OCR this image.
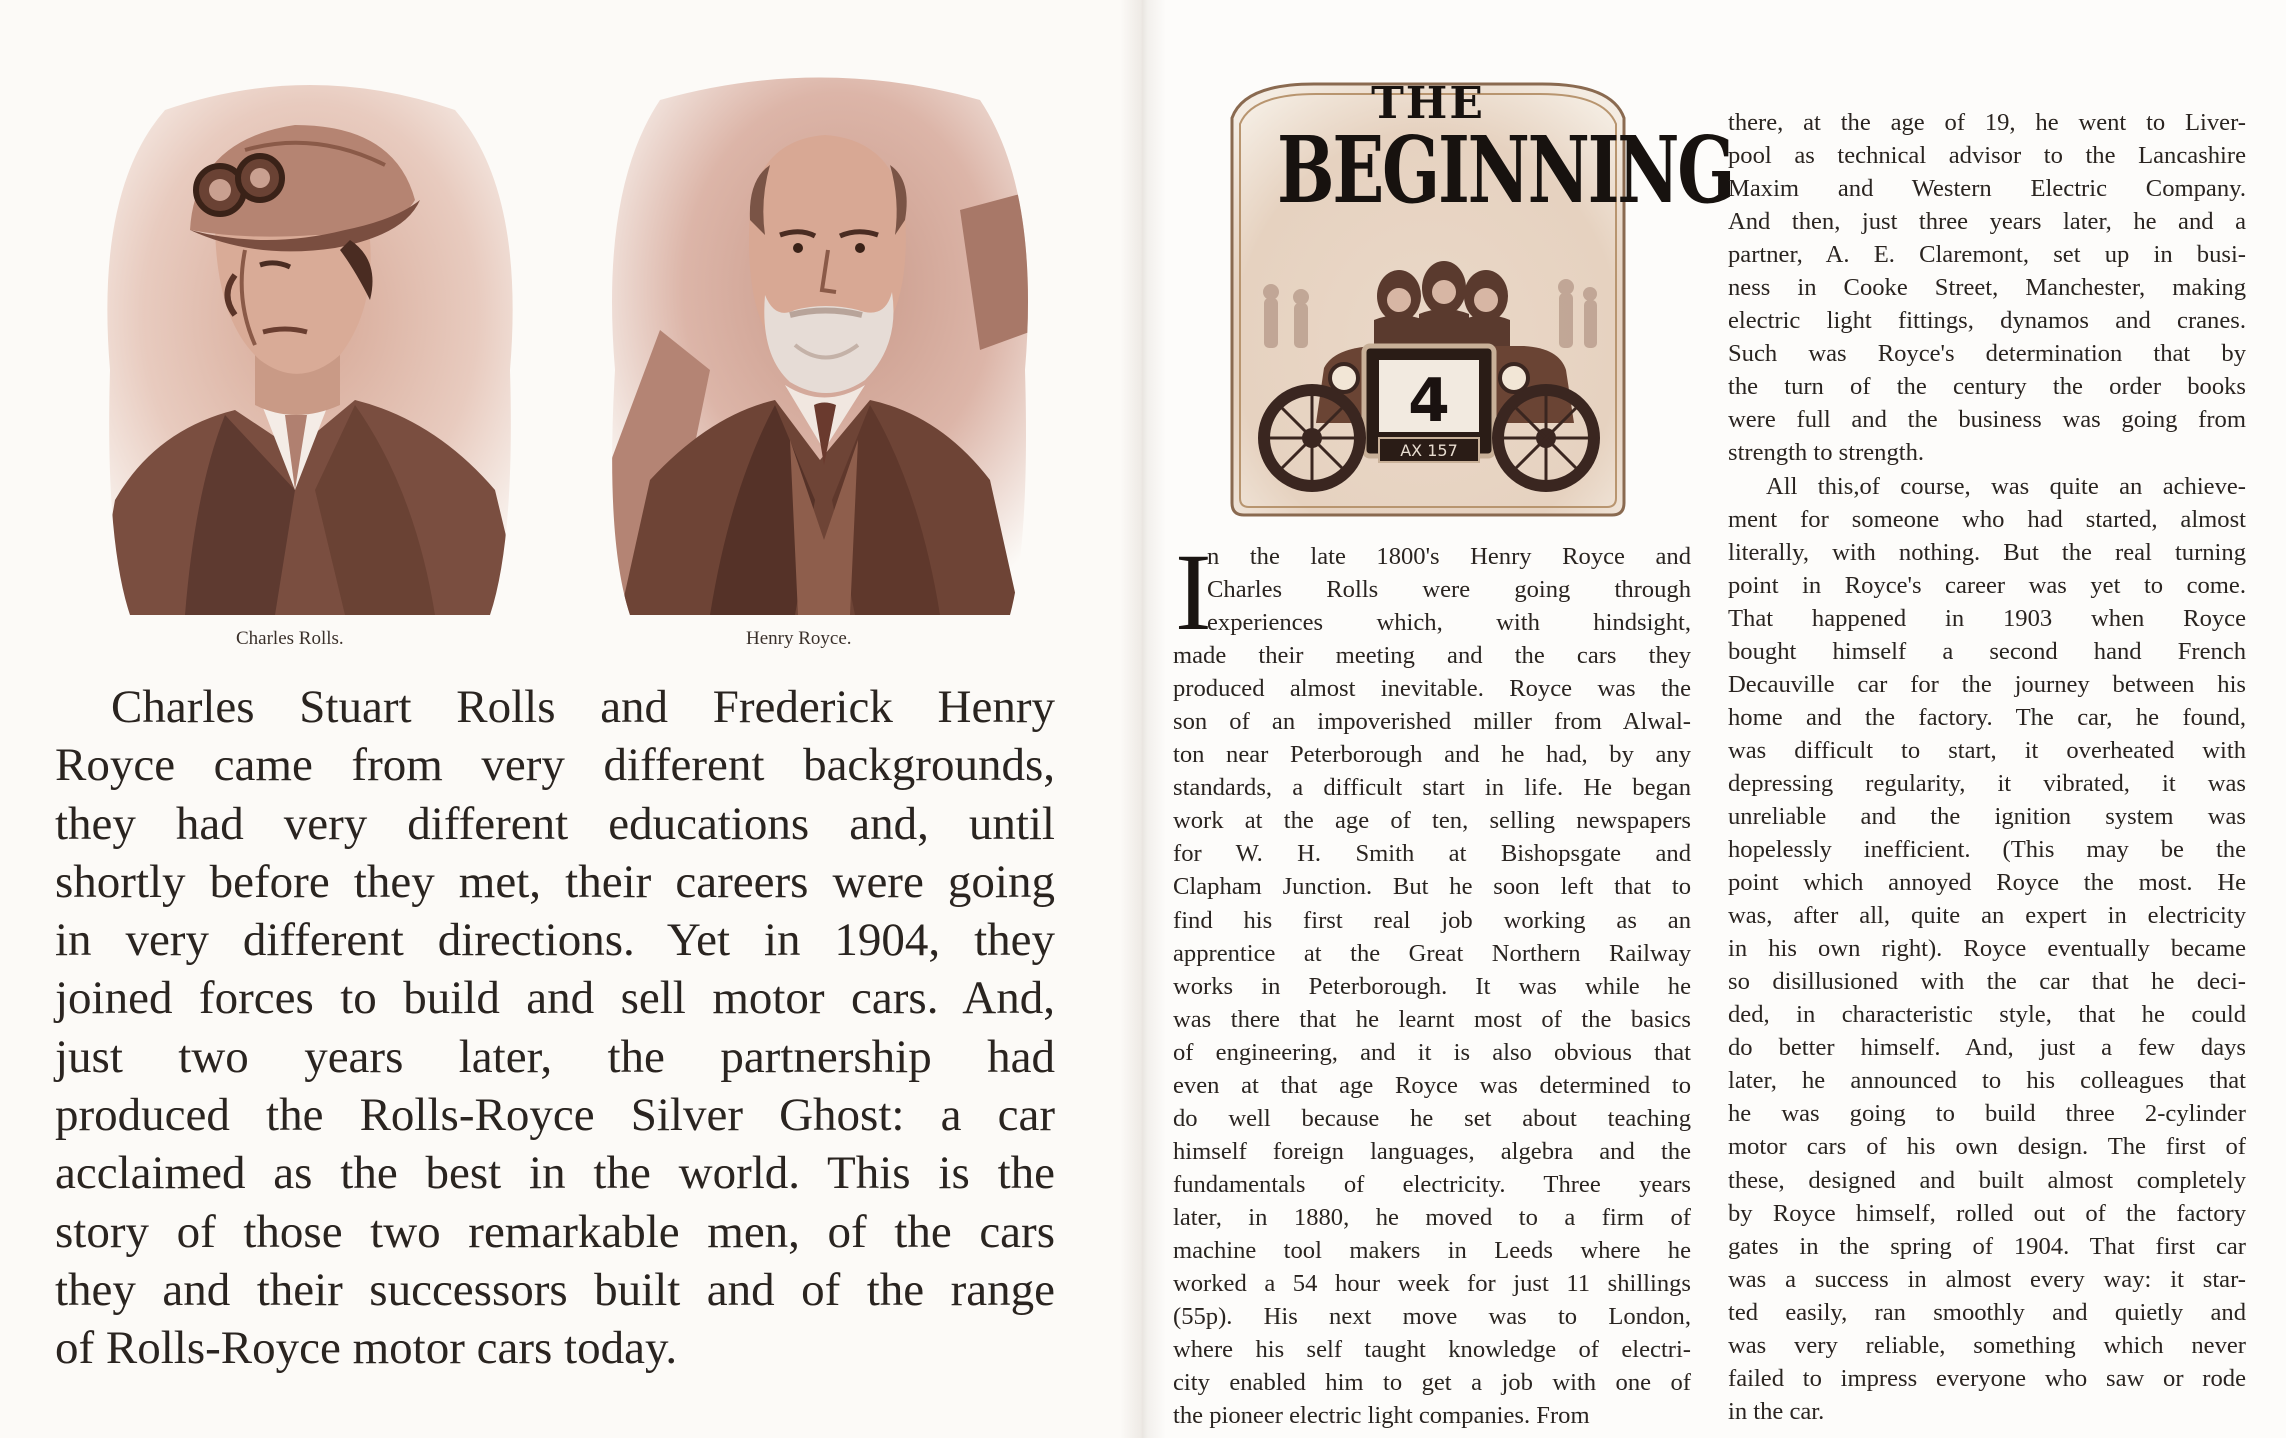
Charles Rolls.	Henry Royce.
Charles Stuart Rolls and Frederick Henry
Royce came from very different backgrounds,
they had very different educations and, until
shortly before they met, their careers were going
in very different directions. Yet in 1904, they
joined forces to build and sell motor cars. And,
just two years later, the partnership had
produced the Rolls-Royce Silver Ghost: a car
acclaimed as the best in the world. This is the
story of those two remarkable men, of the cars
they and their successors built and of the range
of Rolls-Royce motor cars today.
4
AX 157
THE
BEGINNING
I
n the late 1800's Henry Royce and
Charles Rolls were going through
experiences which, with hindsight,
made their meeting and the cars they
produced almost inevitable. Royce was the
son of an impoverished miller from Alwal-
ton near Peterborough and he had, by any
standards, a difficult start in life. He began
work at the age of ten, selling newspapers
for W. H. Smith at Bishopsgate and
Clapham Junction. But he soon left that to
find his first real job working as an
apprentice at the Great Northern Railway
works in Peterborough. It was while he
was there that he learnt most of the basics
of engineering, and it is also obvious that
even at that age Royce was determined to
do well because he set about teaching
himself foreign languages, algebra and the
fundamentals of electricity. Three years
later, in 1880, he moved to a firm of
machine tool makers in Leeds where he
worked a 54 hour week for just 11 shillings
(55p). His next move was to London,
where his self taught knowledge of electri-
city enabled him to get a job with one of
the pioneer electric light companies. From
there, at the age of 19, he went to Liver-
pool as technical advisor to the Lancashire
Maxim and Western Electric Company.
And then, just three years later, he and a
partner, A. E. Claremont, set up in busi-
ness in Cooke Street, Manchester, making
electric light fittings, dynamos and cranes.
Such was Royce's determination that by
the turn of the century the order books
were full and the business was going from
strength to strength.
All this,of course, was quite an achieve-
ment for someone who had started, almost
literally, with nothing. But the real turning
point in Royce's career was yet to come.
That happened in 1903 when Royce
bought himself a second hand French
Decauville car for the journey between his
home and the factory. The car, he found,
was difficult to start, it overheated with
depressing regularity, it vibrated, it was
unreliable and the ignition system was
hopelessly inefficient. (This may be the
point which annoyed Royce the most. He
was, after all, quite an expert in electricity
in his own right). Royce eventually became
so disillusioned with the car that he deci-
ded, in characteristic style, that he could
do better himself. And, just a few days
later, he announced to his colleagues that
he was going to build three 2-cylinder
motor cars of his own design. The first of
these, designed and built almost completely
by Royce himself, rolled out of the factory
gates in the spring of 1904. That first car
was a success in almost every way: it star-
ted easily, ran smoothly and quietly and
was very reliable, something which never
failed to impress everyone who saw or rode
in the car.
